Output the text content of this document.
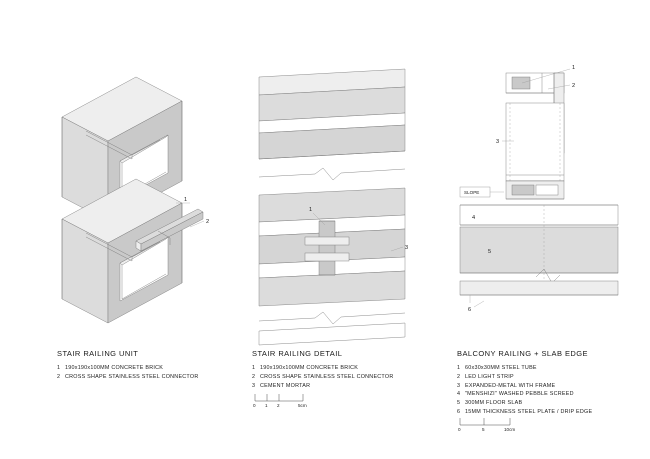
1
2
1
3
1
2
3
SLOPE
4
5
6
STAIR RAILING UNIT
1 190x190x100MM CONCRETE BRICK
2 CROSS SHAPE STAINLESS STEEL CONNECTOR
STAIR RAILING DETAIL
1 190x190x100MM CONCRETE BRICK
2 CROSS SHAPE STAINLESS STEEL CONNECTOR
3 CEMENT MORTAR
BALCONY RAILING + SLAB EDGE
1 60x30x30MM STEEL TUBE
2 LED LIGHT STRIP
3 EXPANDED-METAL WITH FRAME
4 "MENSHIZI" WASHED PEBBLE SCREED
5 300MM FLOOR SLAB
6 15MM THICKNESS STEEL PLATE / DRIP EDGE
0 1 2	5cm
0	5	10cm
